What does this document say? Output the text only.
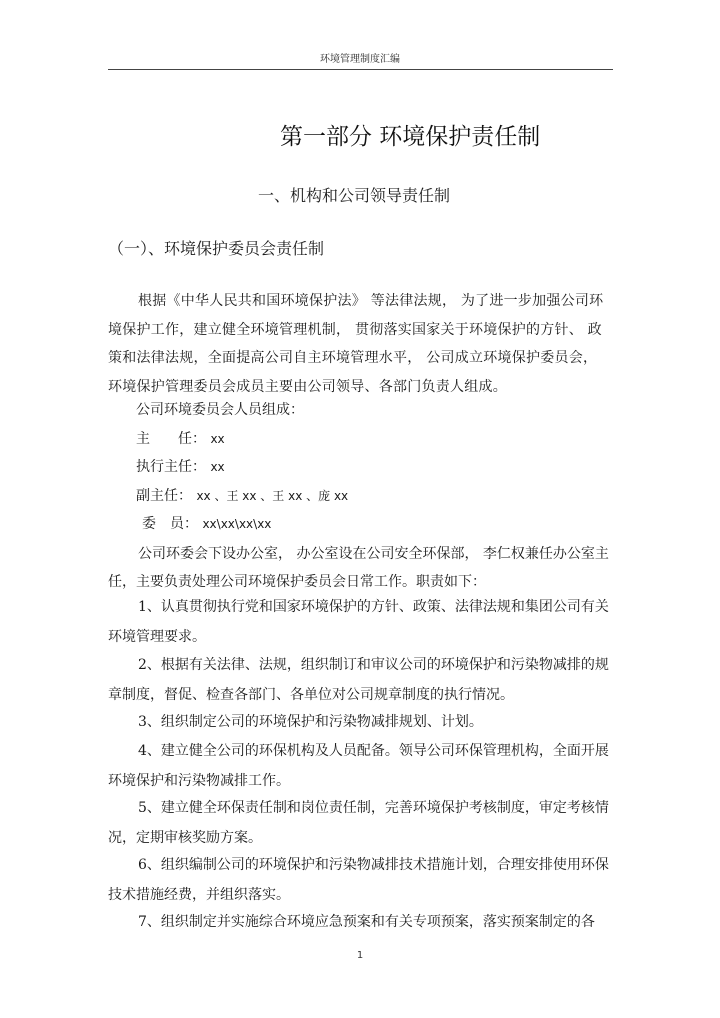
环境管理制度汇编
第一部分 环境保护责任制
一、机构和公司领导责任制
（一）、环境保护委员会责任制

根据《中华人民共和国环境保护法》 等法律法规， 为了进一步加强公司环境保护工作，建立健全环境管理机制， 贯彻落实国家关于环境保护的方针、 政策和法律法规，全面提高公司自主环境管理水平， 公司成立环境保护委员会， 环境保护管理委员会成员主要由公司领导、各部门负责人组成。

公司环境委员会人员组成：
主　　任： xx
执行主任： xx
副主任： xx 、王 xx 、王 xx 、庞 xx
委　员： xx\xx\xx\xx

公司环委会下设办公室， 办公室设在公司安全环保部， 李仁权兼任办公室主任，主要负责处理公司环境保护委员会日常工作。职责如下：

1、认真贯彻执行党和国家环境保护的方针、政策、法律法规和集团公司有关环境管理要求。

2、根据有关法律、法规，组织制订和审议公司的环境保护和污染物减排的规章制度，督促、检查各部门、各单位对公司规章制度的执行情况。

3、组织制定公司的环境保护和污染物减排规划、计划。

4、建立健全公司的环保机构及人员配备。领导公司环保管理机构，全面开展环境保护和污染物减排工作。

5、建立健全环保责任制和岗位责任制，完善环境保护考核制度，审定考核情况，定期审核奖励方案。

6、组织编制公司的环境保护和污染物减排技术措施计划，合理安排使用环保技术措施经费，并组织落实。

7、组织制定并实施综合环境应急预案和有关专项预案，落实预案制定的各

1
